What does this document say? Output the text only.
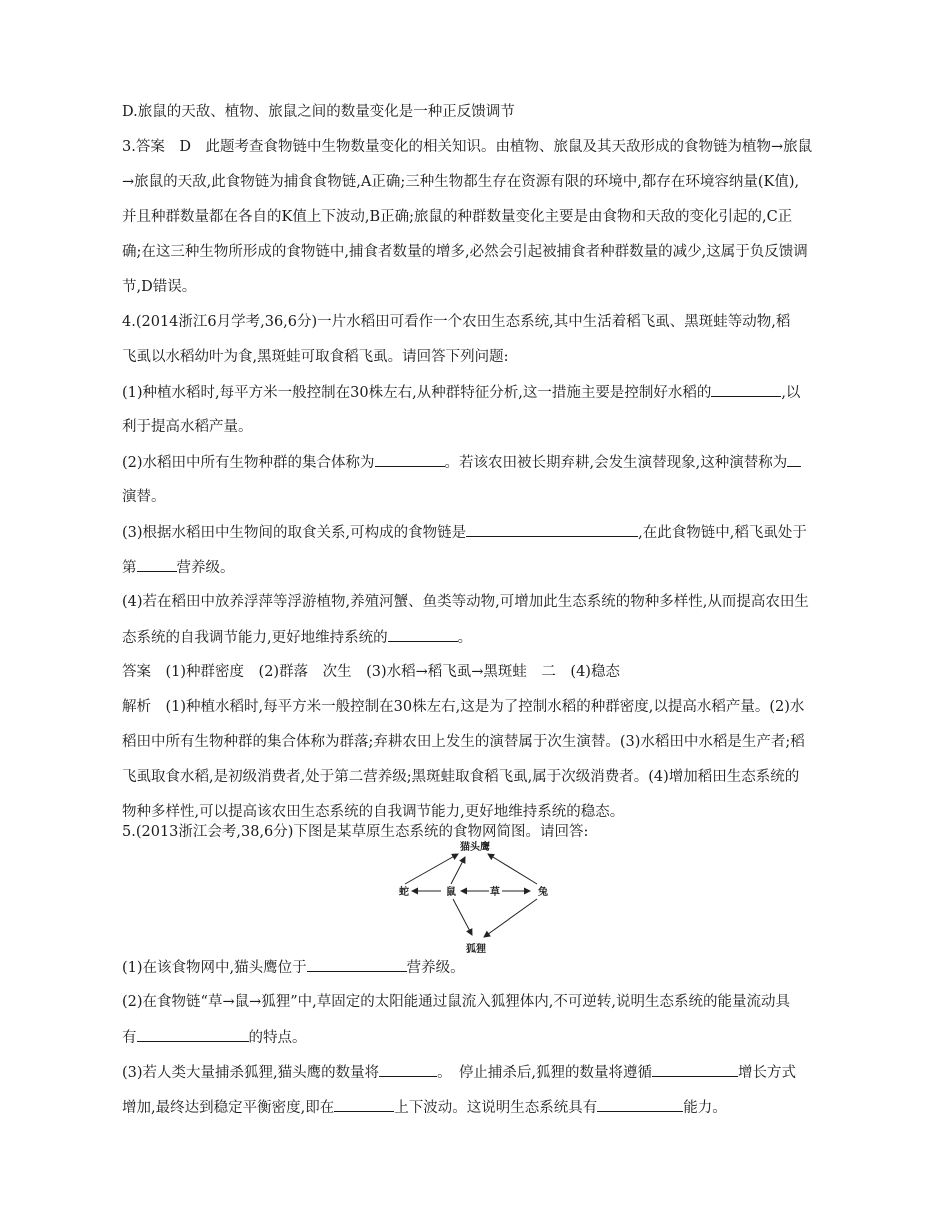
D.旅鼠的天敌、植物、旅鼠之间的数量变化是一种正反馈调节
3.答案　D　此题考查食物链中生物数量变化的相关知识。由植物、旅鼠及其天敌形成的食物链为植物→旅鼠
→旅鼠的天敌,此食物链为捕食食物链,A正确;三种生物都生存在资源有限的环境中,都存在环境容纳量(K值),
并且种群数量都在各自的K值上下波动,B正确;旅鼠的种群数量变化主要是由食物和天敌的变化引起的,C正
确;在这三种生物所形成的食物链中,捕食者数量的增多,必然会引起被捕食者种群数量的减少,这属于负反馈调
节,D错误。
4.(2014浙江6月学考,36,6分)一片水稻田可看作一个农田生态系统,其中生活着稻飞虱、黑斑蛙等动物,稻
飞虱以水稻幼叶为食,黑斑蛙可取食稻飞虱。请回答下列问题:
(1)种植水稻时,每平方米一般控制在30株左右,从种群特征分析,这一措施主要是控制好水稻的	,以
利于提高水稻产量。
(2)水稻田中所有生物种群的集合体称为	。若该农田被长期弃耕,会发生演替现象,这种演替称为
演替。
(3)根据水稻田中生物间的取食关系,可构成的食物链是	,在此食物链中,稻飞虱处于
第	营养级。
(4)若在稻田中放养浮萍等浮游植物,养殖河蟹、鱼类等动物,可增加此生态系统的物种多样性,从而提高农田生
态系统的自我调节能力,更好地维持系统的	。
答案　(1)种群密度　(2)群落　次生　(3)水稻→稻飞虱→黑斑蛙　二　(4)稳态
解析　(1)种植水稻时,每平方米一般控制在30株左右,这是为了控制水稻的种群密度,以提高水稻产量。(2)水
稻田中所有生物种群的集合体称为群落;弃耕农田上发生的演替属于次生演替。(3)水稻田中水稻是生产者;稻
飞虱取食水稻,是初级消费者,处于第二营养级;黑斑蛙取食稻飞虱,属于次级消费者。(4)增加稻田生态系统的
物种多样性,可以提高该农田生态系统的自我调节能力,更好地维持系统的稳态。
5.(2013浙江会考,38,6分)下图是某草原生态系统的食物网简图。请回答:
猫头鹰
蛇	鼠	草	兔
狐狸
(1)在该食物网中,猫头鹰位于	营养级。
(2)在食物链“草→鼠→狐狸”中,草固定的太阳能通过鼠流入狐狸体内,不可逆转,说明生态系统的能量流动具
有	的特点。
(3)若人类大量捕杀狐狸,猫头鹰的数量将	。　停止捕杀后,狐狸的数量将遵循	增长方式
增加,最终达到稳定平衡密度,即在	上下波动。这说明生态系统具有	能力。
